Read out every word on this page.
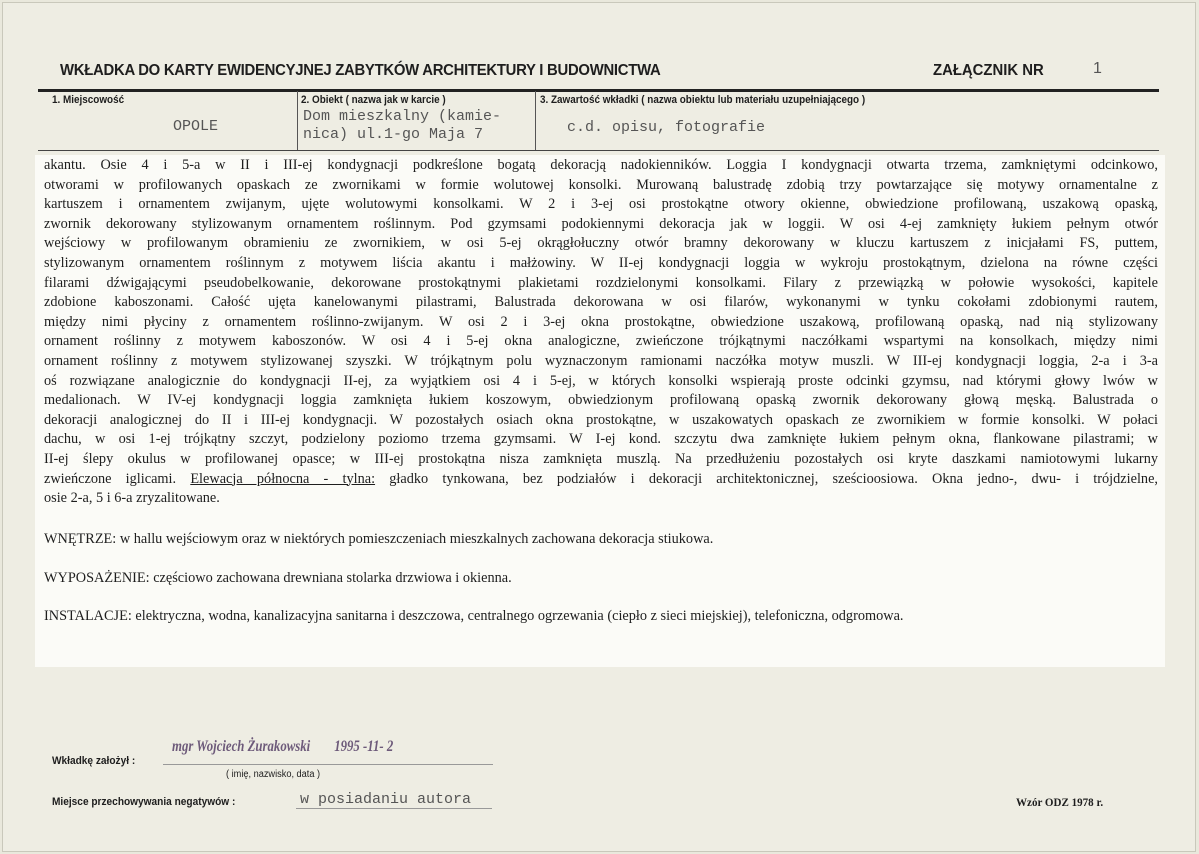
WKŁADKA DO KARTY EWIDENCYJNEJ ZABYTKÓW ARCHITEKTURY I BUDOWNICTWA	ZAŁĄCZNIK NR	1
1. Miejscowość
OPOLE
2. Obiekt ( nazwa jak w karcie )
Dom mieszkalny (kamie-
nica) ul.1-go Maja 7
3. Zawartość wkładki ( nazwa obiektu lub materiału uzupełniającego )
c.d. opisu, fotografie
akantu. Osie 4 i 5-a w II i III-ej kondygnacji podkreślone bogatą dekoracją nadokienników. Loggia I kondygnacji otwarta trzema, zamkniętymi odcinkowo,
otworami w profilowanych opaskach ze zwornikami w formie wolutowej konsolki. Murowaną balustradę zdobią trzy powtarzające się motywy ornamentalne z
kartuszem i ornamentem zwijanym, ujęte wolutowymi konsolkami. W 2 i 3-ej osi prostokątne otwory okienne, obwiedzione profilowaną, uszakową opaską,
zwornik dekorowany stylizowanym ornamentem roślinnym. Pod gzymsami podokiennymi dekoracja jak w loggii. W osi 4-ej zamknięty łukiem pełnym otwór
wejściowy w profilowanym obramieniu ze zwornikiem, w osi 5-ej okrągłołuczny otwór bramny dekorowany w kluczu kartuszem z inicjałami FS, puttem,
stylizowanym ornamentem roślinnym z motywem liścia akantu i małżowiny. W II-ej kondygnacji loggia w wykroju prostokątnym, dzielona na równe części
filarami dźwigającymi pseudobelkowanie, dekorowane prostokątnymi plakietami rozdzielonymi konsolkami. Filary z przewiązką w połowie wysokości, kapitele
zdobione kaboszonami. Całość ujęta kanelowanymi pilastrami, Balustrada dekorowana w osi filarów, wykonanymi w tynku cokołami zdobionymi rautem,
między nimi płyciny z ornamentem roślinno-zwijanym. W osi 2 i 3-ej okna prostokątne, obwiedzione uszakową, profilowaną opaską, nad nią stylizowany
ornament roślinny z motywem kaboszonów. W osi 4 i 5-ej okna analogiczne, zwieńczone trójkątnymi naczółkami wspartymi na konsolkach, między nimi
ornament roślinny z motywem stylizowanej szyszki. W trójkątnym polu wyznaczonym ramionami naczółka motyw muszli. W III-ej kondygnacji loggia, 2-a i 3-a
oś rozwiązane analogicznie do kondygnacji II-ej, za wyjątkiem osi 4 i 5-ej, w których konsolki wspierają proste odcinki gzymsu, nad którymi głowy lwów w
medalionach. W IV-ej kondygnacji loggia zamknięta łukiem koszowym, obwiedzionym profilowaną opaską zwornik dekorowany głową męską. Balustrada o
dekoracji analogicznej do II i III-ej kondygnacji. W pozostałych osiach okna prostokątne, w uszakowatych opaskach ze zwornikiem w formie konsolki. W połaci
dachu, w osi 1-ej trójkątny szczyt, podzielony poziomo trzema gzymsami. W I-ej kond. szczytu dwa zamknięte łukiem pełnym okna, flankowane pilastrami; w
II-ej ślepy okulus w profilowanej opasce; w III-ej prostokątna nisza zamknięta muszlą. Na przedłużeniu pozostałych osi kryte daszkami namiotowymi lukarny
zwieńczone iglicami. Elewacja północna - tylna: gładko tynkowana, bez podziałów i dekoracji architektonicznej, sześcioosiowa. Okna jedno-, dwu- i trójdzielne,
osie 2-a, 5 i 6-a zryzalitowane.
WNĘTRZE: w hallu wejściowym oraz w niektórych pomieszczeniach mieszkalnych zachowana dekoracja stiukowa.
WYPOSAŻENIE: częściowo zachowana drewniana stolarka drzwiowa i okienna.
INSTALACJE: elektryczna, wodna, kanalizacyjna sanitarna i deszczowa, centralnego ogrzewania (ciepło z sieci miejskiej), telefoniczna, odgromowa.
Wkładkę założył :
mgr Wojciech Żurakowski 1995 -11- 2
( imię, nazwisko, data )
Miejsce przechowywania negatywów :	w posiadaniu autora	Wzór ODZ 1978 r.
